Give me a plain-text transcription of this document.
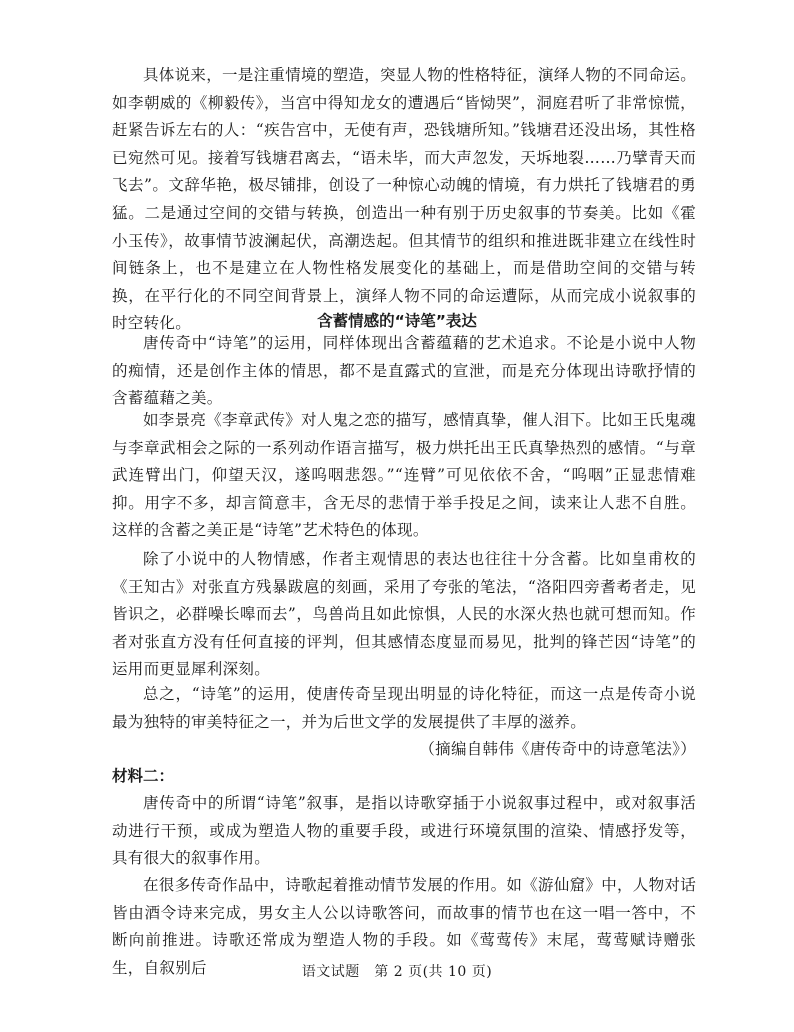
具体说来，一是注重情境的塑造，突显人物的性格特征，演绎人物的不同命运。如李朝威的《柳毅传》，当宫中得知龙女的遭遇后“皆恸哭”，洞庭君听了非常惊慌，赶紧告诉左右的人：“疾告宫中，无使有声，恐钱塘所知。”钱塘君还没出场，其性格已宛然可见。接着写钱塘君离去，“语未毕，而大声忽发，天坼地裂……乃擘青天而飞去”。文辞华艳，极尽铺排，创设了一种惊心动魄的情境，有力烘托了钱塘君的勇猛。二是通过空间的交错与转换，创造出一种有别于历史叙事的节奏美。比如《霍小玉传》，故事情节波澜起伏，高潮迭起。但其情节的组织和推进既非建立在线性时间链条上，也不是建立在人物性格发展变化的基础上，而是借助空间的交错与转换，在平行化的不同空间背景上，演绎人物不同的命运遭际，从而完成小说叙事的时空转化。	含蓄情感的“诗笔”表达

唐传奇中“诗笔”的运用，同样体现出含蓄蕴藉的艺术追求。不论是小说中人物的痴情，还是创作主体的情思，都不是直露式的宣泄，而是充分体现出诗歌抒情的含蓄蕴藉之美。

如李景亮《李章武传》对人鬼之恋的描写，感情真挚，催人泪下。比如王氏鬼魂与李章武相会之际的一系列动作语言描写，极力烘托出王氏真挚热烈的感情。“与章武连臂出门，仰望天汉，遂呜咽悲怨。”“连臂”可见依依不舍，“呜咽”正显悲情难抑。用字不多，却言简意丰，含无尽的悲情于举手投足之间，读来让人悲不自胜。这样的含蓄之美正是“诗笔”艺术特色的体现。

除了小说中的人物情感，作者主观情思的表达也往往十分含蓄。比如皇甫枚的《王知古》对张直方残暴跋扈的刻画，采用了夸张的笔法，“洛阳四旁耆耇者走，见皆识之，必群噪长嗥而去”，鸟兽尚且如此惊惧，人民的水深火热也就可想而知。作者对张直方没有任何直接的评判，但其感情态度显而易见，批判的锋芒因“诗笔”的运用而更显犀利深刻。

总之，“诗笔”的运用，使唐传奇呈现出明显的诗化特征，而这一点是传奇小说最为独特的审美特征之一，并为后世文学的发展提供了丰厚的滋养。

（摘编自韩伟《唐传奇中的诗意笔法》）

材料二：

唐传奇中的所谓“诗笔”叙事，是指以诗歌穿插于小说叙事过程中，或对叙事活动进行干预，或成为塑造人物的重要手段，或进行环境氛围的渲染、情感抒发等，具有很大的叙事作用。

在很多传奇作品中，诗歌起着推动情节发展的作用。如《游仙窟》中，人物对话皆由酒令诗来完成，男女主人公以诗歌答问，而故事的情节也在这一唱一答中，不断向前推进。诗歌还常成为塑造人物的手段。如《莺莺传》末尾，莺莺赋诗赠张生，自叙别后	语文试题　第 2 页(共 10 页)
